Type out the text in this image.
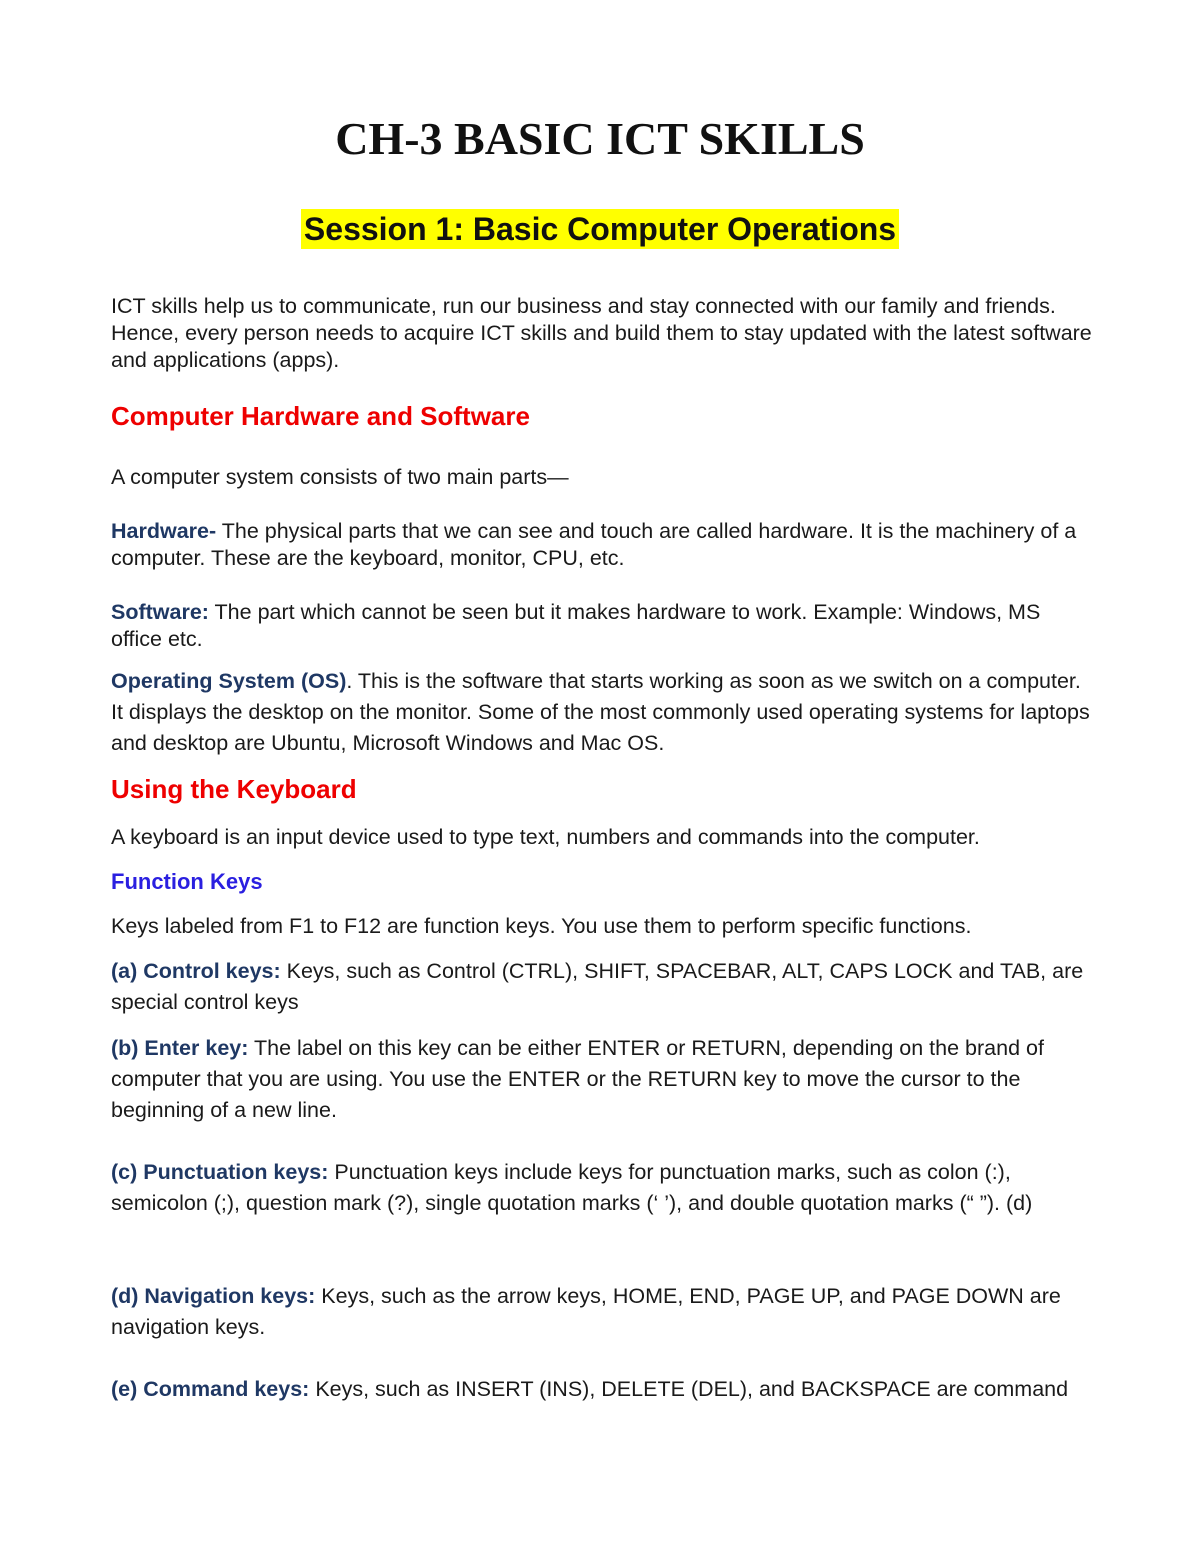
CH-3 BASIC ICT SKILLS

Session 1: Basic Computer Operations

ICT skills help us to communicate, run our business and stay connected with our family and friends. Hence, every person needs to acquire ICT skills and build them to stay updated with the latest software and applications (apps).

Computer Hardware and Software

A computer system consists of two main parts—

Hardware- The physical parts that we can see and touch are called hardware. It is the machinery of a computer. These are the keyboard, monitor, CPU, etc.

Software: The part which cannot be seen but it makes hardware to work. Example: Windows, MS office etc.

Operating System (OS). This is the software that starts working as soon as we switch on a computer. It displays the desktop on the monitor. Some of the most commonly used operating systems for laptops and desktop are Ubuntu, Microsoft Windows and Mac OS.

Using the Keyboard

A keyboard is an input device used to type text, numbers and commands into the computer.

Function Keys

Keys labeled from F1 to F12 are function keys. You use them to perform specific functions.

(a) Control keys: Keys, such as Control (CTRL), SHIFT, SPACEBAR, ALT, CAPS LOCK and TAB, are special control keys

(b) Enter key: The label on this key can be either ENTER or RETURN, depending on the brand of computer that you are using. You use the ENTER or the RETURN key to move the cursor to the beginning of a new line.

(c) Punctuation keys: Punctuation keys include keys for punctuation marks, such as colon (:), semicolon (;), question mark (?), single quotation marks (‘ ’), and double quotation marks (“ ”). (d)

(d) Navigation keys: Keys, such as the arrow keys, HOME, END, PAGE UP, and PAGE DOWN are navigation keys.

(e) Command keys: Keys, such as INSERT (INS), DELETE (DEL), and BACKSPACE are command
